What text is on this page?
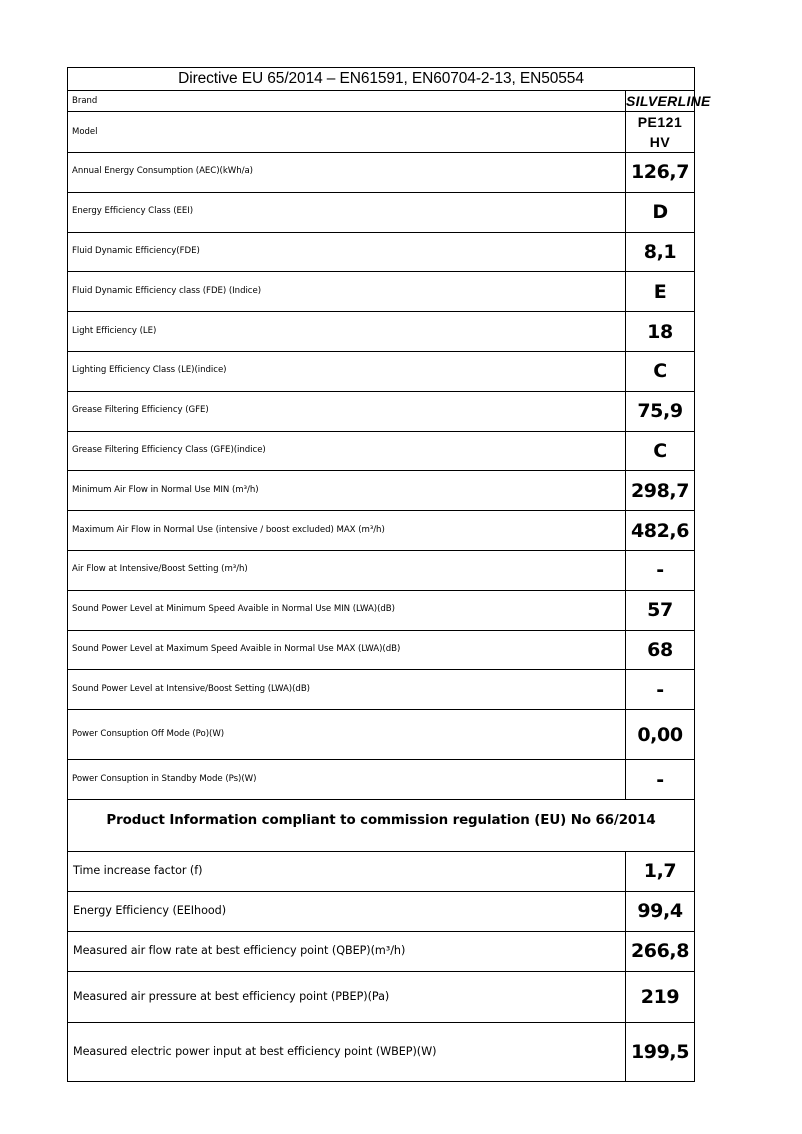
Directive EU 65/2014 – EN61591, EN60704-2-13, EN50554	
Brand	SILVERLINE
Model	PE121 HV
Annual Energy Consumption (AEC)(kWh/a)	126,7
Energy Efficiency Class (EEI)	D
Fluid Dynamic Efficiency(FDE)	8,1
Fluid Dynamic Efficiency class (FDE) (Indice)	E
Light Efficiency (LE)	18
Lighting Efficiency Class (LE)(indice)	C
Grease Filtering Efficiency (GFE)	75,9
Grease Filtering Efficiency Class (GFE)(indice)	C
Minimum Air Flow in Normal Use MIN (m³/h)	298,7
Maximum Air Flow in Normal Use (intensive / boost excluded) MAX (m³/h)	482,6
Air Flow at Intensive/Boost Setting (m³/h)	-
Sound Power Level at Minimum Speed Avaible in Normal Use MIN (LWA)(dB)	57
Sound Power Level at Maximum Speed Avaible in Normal Use MAX (LWA)(dB)	68
Sound Power Level at Intensive/Boost Setting (LWA)(dB)	-
Power Consuption Off Mode (Po)(W)	0,00
Power Consuption in Standby Mode (Ps)(W)	-
Product Information compliant to commission regulation (EU) No 66/2014	
Time increase factor (f)	1,7
Energy Efficiency (EEIhood)	99,4
Measured air flow rate at best efficiency point (QBEP)(m³/h)	266,8
Measured air pressure at best efficiency point (PBEP)(Pa)	219
Measured electric power input at best efficiency point (WBEP)(W)	199,5
